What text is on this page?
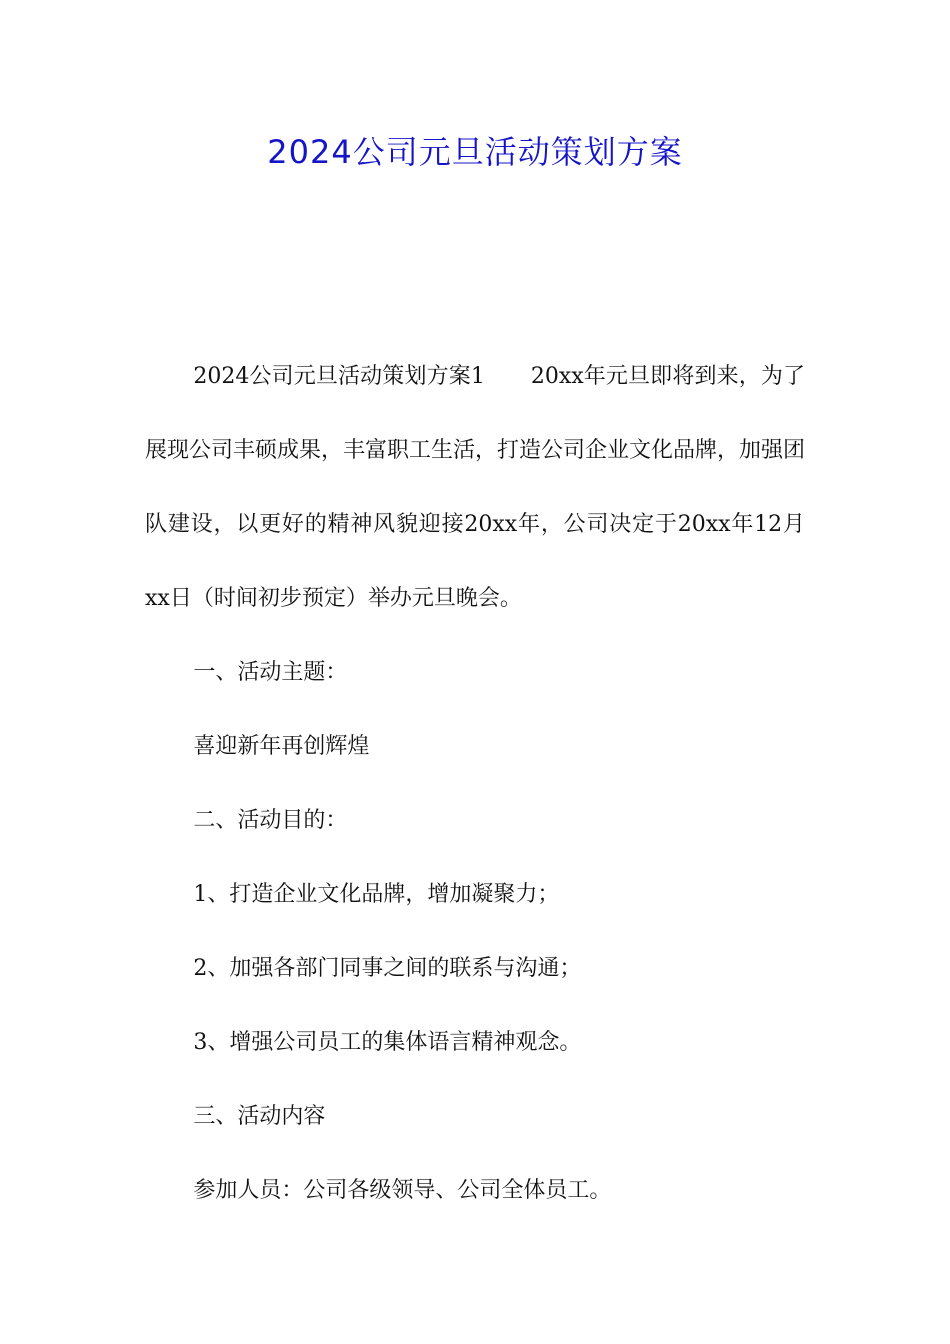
2024公司元旦活动策划方案

2024公司元旦活动策划方案1 20xx年元旦即将到来，为了展现公司丰硕成果，丰富职工生活，打造公司企业文化品牌，加强团队建设，以更好的精神风貌迎接20xx年，公司决定于20xx年12月xx日（时间初步预定）举办元旦晚会。

一、活动主题：

喜迎新年再创辉煌

二、活动目的：

1、打造企业文化品牌，增加凝聚力；

2、加强各部门同事之间的联系与沟通；

3、增强公司员工的集体语言精神观念。

三、活动内容

参加人员：公司各级领导、公司全体员工。
